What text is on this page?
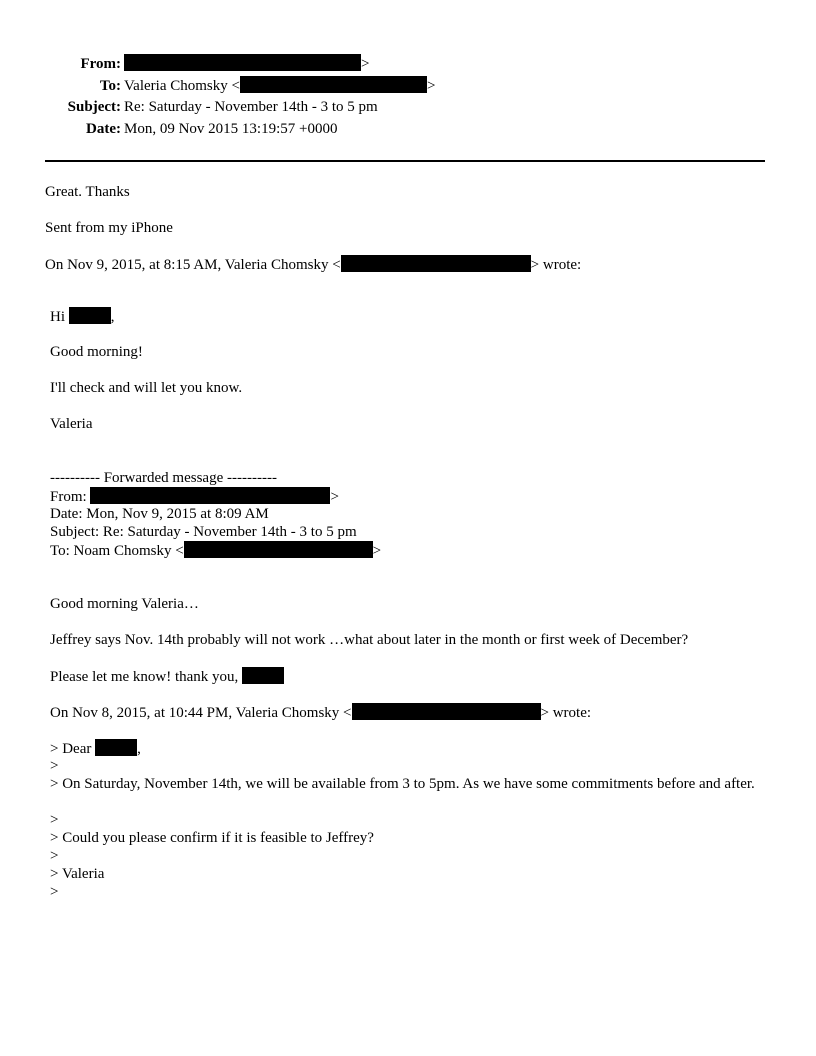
From:	>
To: Valeria Chomsky <	>
Subject: Re: Saturday - November 14th - 3 to 5 pm
Date: Mon, 09 Nov 2015 13:19:57 +0000
Great. Thanks
Sent from my iPhone
On Nov 9, 2015, at 8:15 AM, Valeria Chomsky <	> wrote:
Hi	,
Good morning!
I'll check and will let you know.
Valeria
---------- Forwarded message ----------
From:	>
Date: Mon, Nov 9, 2015 at 8:09 AM
Subject: Re: Saturday - November 14th - 3 to 5 pm
To: Noam Chomsky <	>
Good morning Valeria…
Jeffrey says Nov. 14th probably will not work …what about later in the month or first week of December?
Please let me know! thank you,
On Nov 8, 2015, at 10:44 PM, Valeria Chomsky <	> wrote:
> Dear	,
>
> On Saturday, November 14th, we will be available from 3 to 5pm. As we have some commitments before and after.
>
> Could you please confirm if it is feasible to Jeffrey?
>
> Valeria
>
